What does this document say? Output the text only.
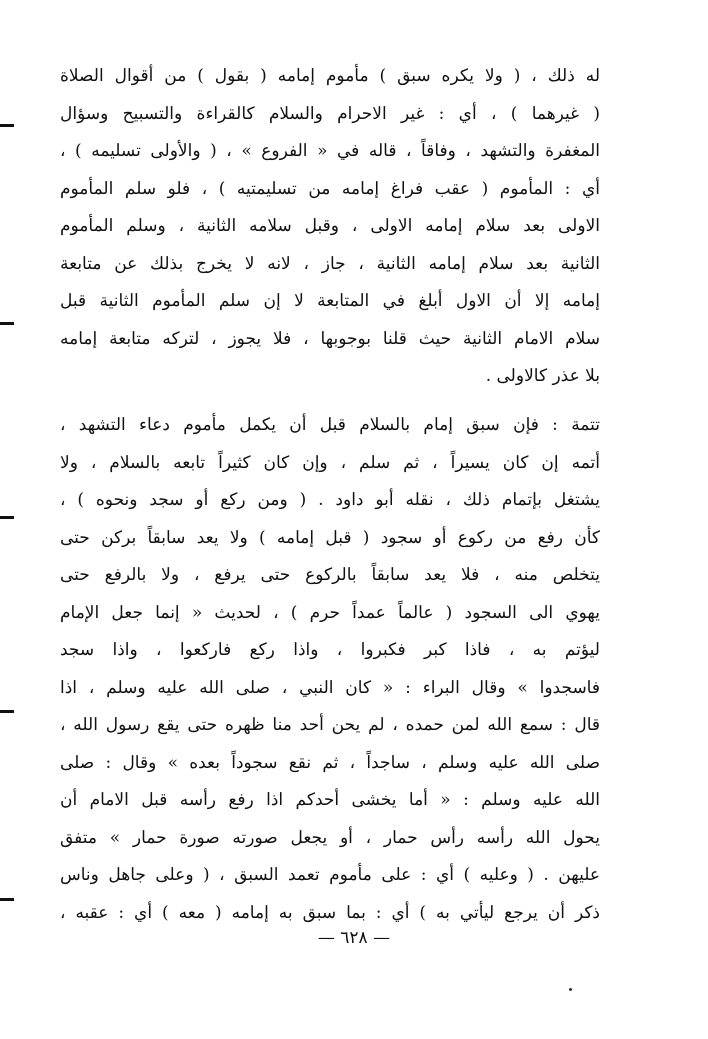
له ذلك ، ( ولا يكره سبق ) مأموم إمامه ( بقول ) من أقوال الصلاة
( غيرهما ) ، أي : غير الاحرام والسلام كالقراءة والتسبيح وسؤال
المغفرة والتشهد ، وفاقاً ، قاله في « الفروع » ، ( والأولى تسليمه ) ،
أي : المأموم ( عقب فراغ إمامه من تسليمتيه ) ، فلو سلم المأموم
الاولى بعد سلام إمامه الاولى ، وقبل سلامه الثانية ، وسلم المأموم
الثانية بعد سلام إمامه الثانية ، جاز ، لانه لا يخرج بذلك عن متابعة
إمامه إلا أن الاول أبلغ في المتابعة لا إن سلم المأموم الثانية قبل
سلام الامام الثانية حيث قلنا بوجوبها ، فلا يجوز ، لتركه متابعة إمامه
بلا عذر كالاولى .
تتمة : فإن سبق إمام بالسلام قبل أن يكمل مأموم دعاء التشهد ،
أتمه إن كان يسيراً ، ثم سلم ، وإن كان كثيراً تابعه بالسلام ، ولا
يشتغل بإتمام ذلك ، نقله أبو داود . ( ومن ركع أو سجد ونحوه ) ،
كأن رفع من ركوع أو سجود ( قبل إمامه ) ولا يعد سابقاً بركن حتى
يتخلص منه ، فلا يعد سابقاً بالركوع حتى يرفع ، ولا بالرفع حتى
يهوي الى السجود ( عالماً عمداً حرم ) ، لحديث « إنما جعل الإمام
ليؤتم به ، فاذا كبر فكبروا ، واذا ركع فاركعوا ، واذا سجد
فاسجدوا » وقال البراء : « كان النبي ، صلى الله عليه وسلم ، اذا
قال : سمع الله لمن حمده ، لم يحن أحد منا ظهره حتى يقع رسول الله ،
صلى الله عليه وسلم ، ساجداً ، ثم نقع سجوداً بعده » وقال : صلى
الله عليه وسلم : « أما يخشى أحدكم اذا رفع رأسه قبل الامام أن
يحول الله رأسه رأس حمار ، أو يجعل صورته صورة حمار » متفق
عليهن . ( وعليه ) أي : على مأموم تعمد السبق ، ( وعلى جاهل وناس
ذكر أن يرجع ليأتي به ) أي : بما سبق به إمامه ( معه ) أي : عقبه ،
— ٦٢٨ —
